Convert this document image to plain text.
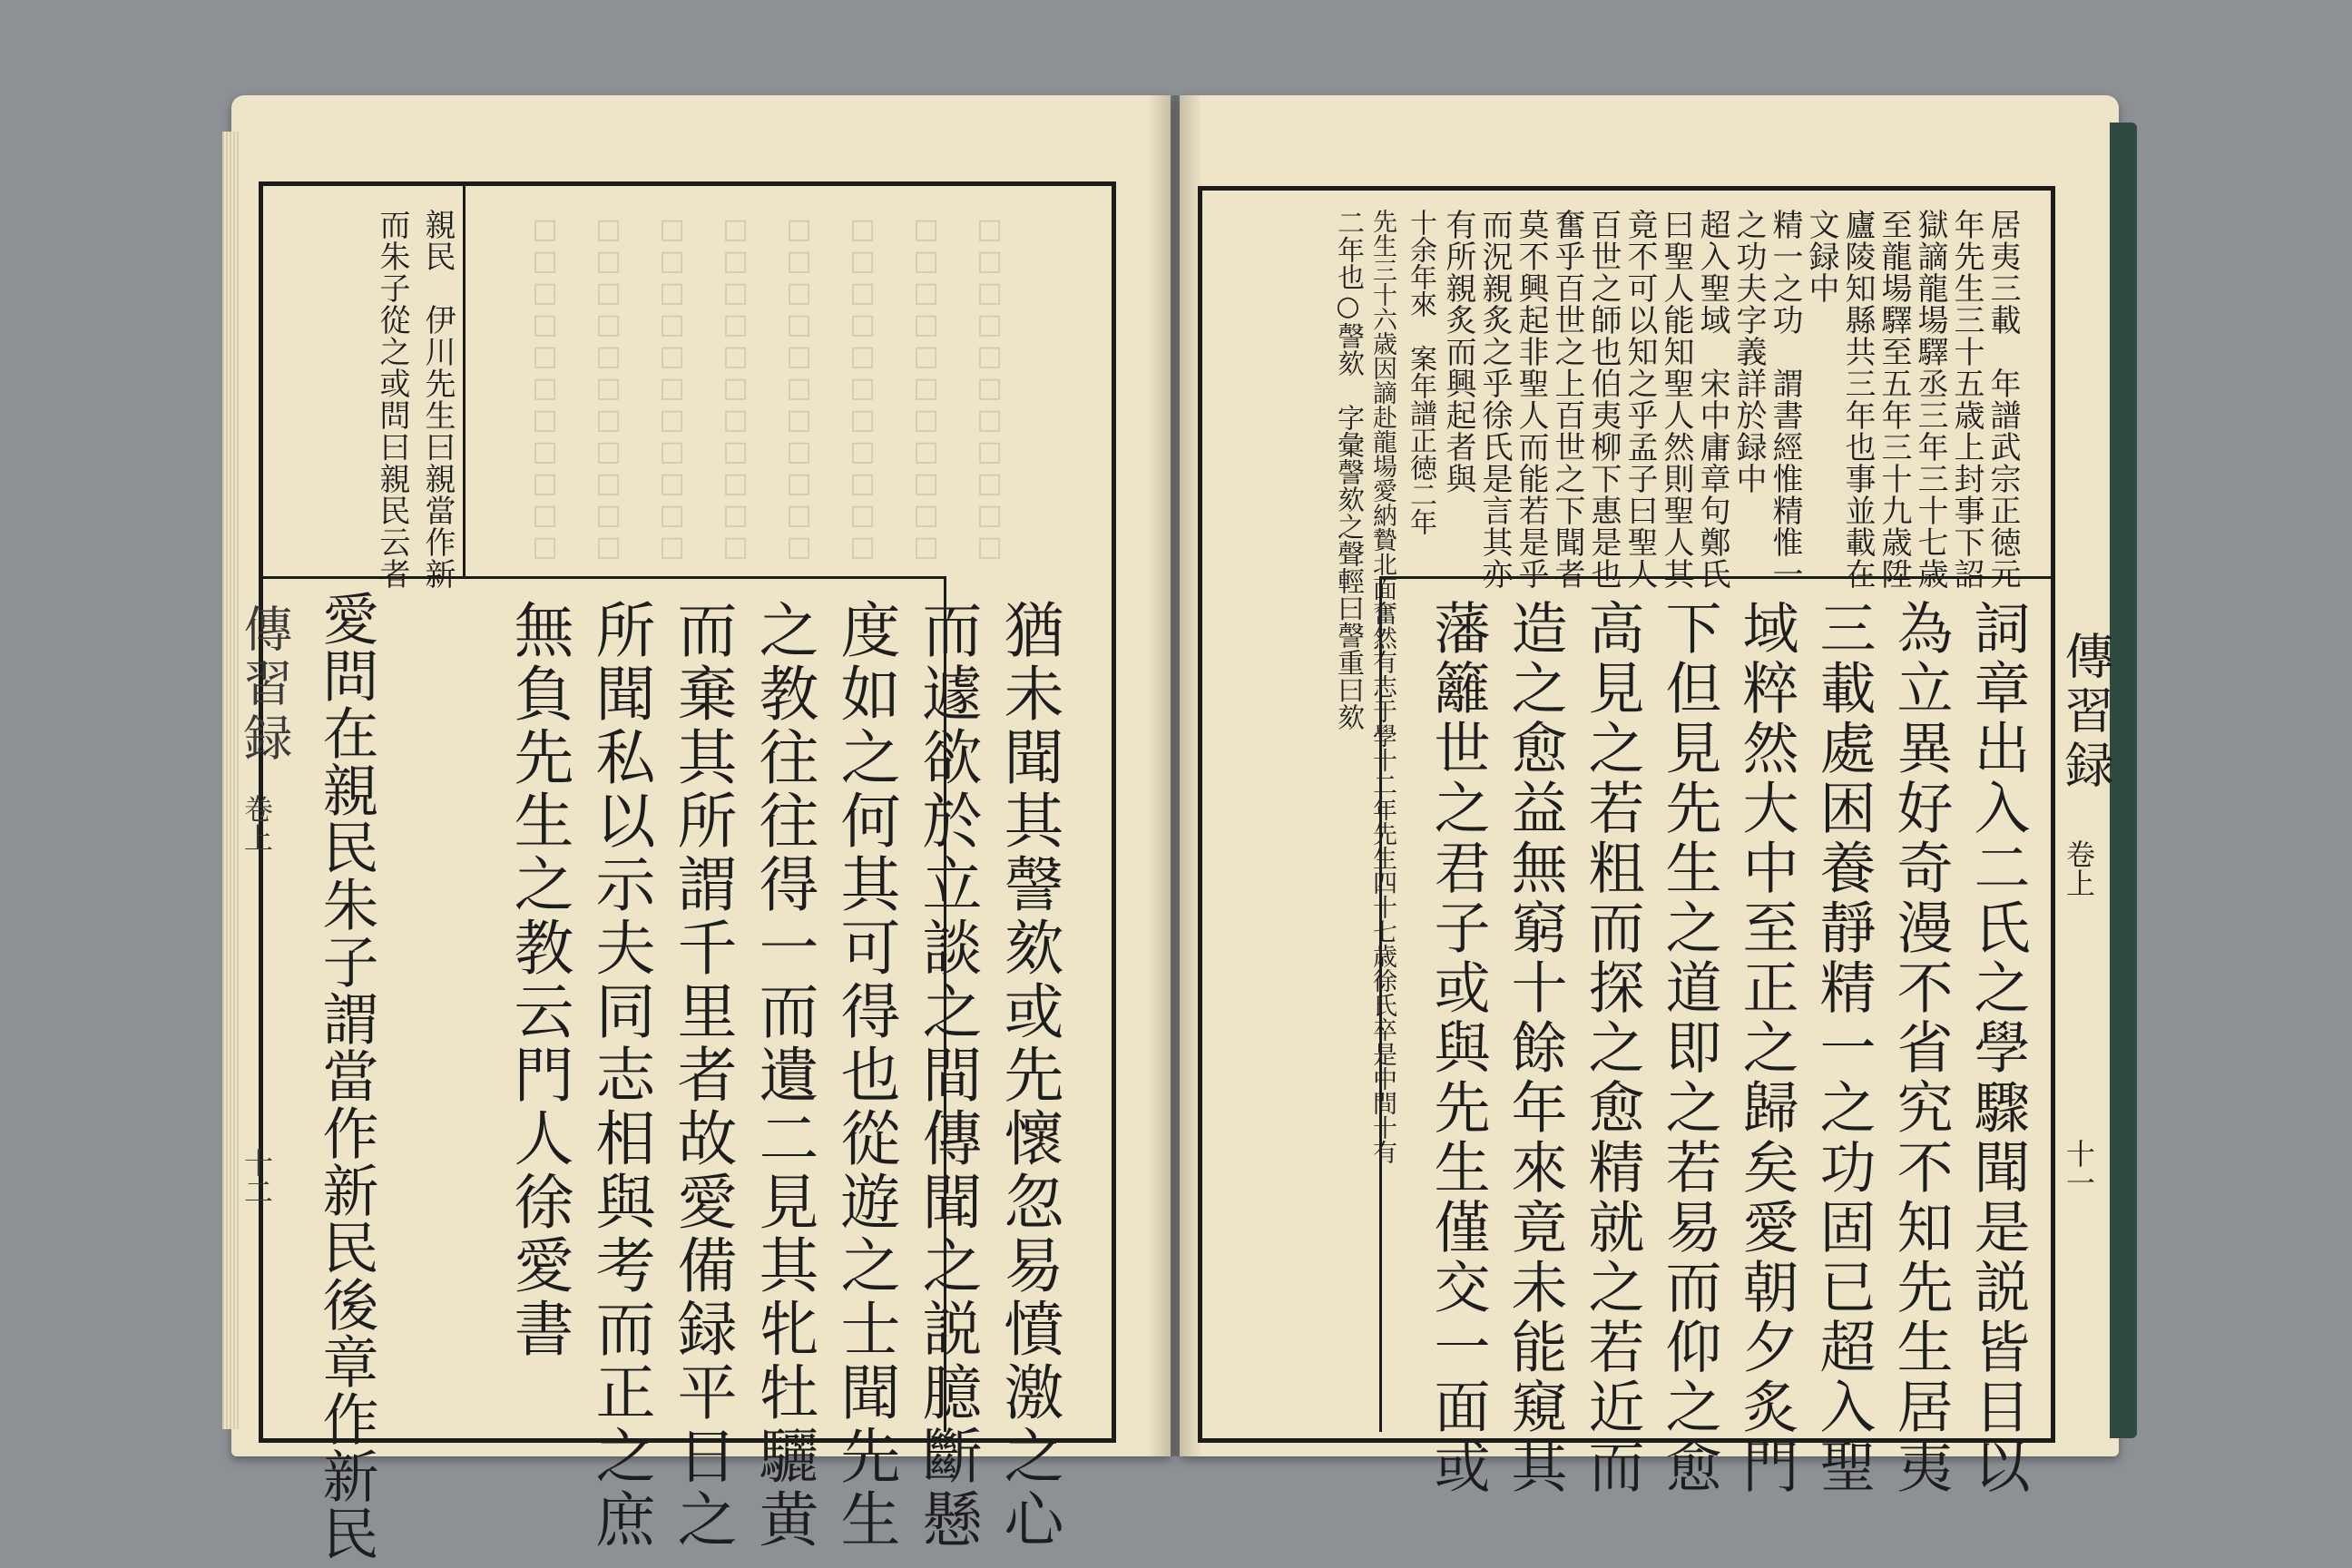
□□□□□□□□□□□ □□□□□□□□□□□ □□□□□□□□□□□ □□□□□□□□□□□ □□□□□□□□□□□ □□□□□□□□□□□ □□□□□□□□□□□ □□□□□□□□□□□
親民　伊川先生曰親當作新
而朱子從之或問曰親民云者
猶未聞其謦欬或先懷忽易憤激之心
而遽欲於立談之間傳聞之説臆斷懸
度如之何其可得也從遊之士聞先生
之教往往得一而遺二見其牝牡驪黄
而棄其所謂千里者故愛備録平日之
所聞私以示夫同志相與考而正之庶
無負先生之教云門人徐愛書
愛問在親民朱子謂當作新民後章作新民
傳習録
卷上
十二
居夷三載　年譜武宗正徳元
年先生三十五歳上封事下詔
獄謫龍場驛丞三年三十七歳
至龍場驛至五年三十九歳陞
廬陵知縣共三年也事並載在
文録中
精一之功　謂書經惟精惟一
之功夫字義詳於録中
超入聖域　宋中庸章句鄭氏
曰聖人能知聖人然則聖人其
竟不可以知之乎孟子曰聖人
百世之師也伯夷柳下惠是也
奮乎百世之上百世之下聞者
莫不興起非聖人而能若是乎
而況親炙之乎徐氏是言其亦
有所親炙而興起者與
十余年來　案年譜正徳二年
先生三十六歳因謫赴龍場愛納贄北面奮然有志于學十二年先生四十七歳徐氏卒是中間十有
二年也○謦欬　字彙謦欬之聲輕曰謦重曰欬
詞章出入二氏之學驟聞是説皆目以
為立異好奇漫不省究不知先生居夷
三載處困養靜精一之功固已超入聖
域粹然大中至正之歸矣愛朝夕炙門
下但見先生之道即之若易而仰之愈
高見之若粗而探之愈精就之若近而
造之愈益無窮十餘年來竟未能窺其
藩籬世之君子或與先生僅交一面或	傳習録
卷上
十一
